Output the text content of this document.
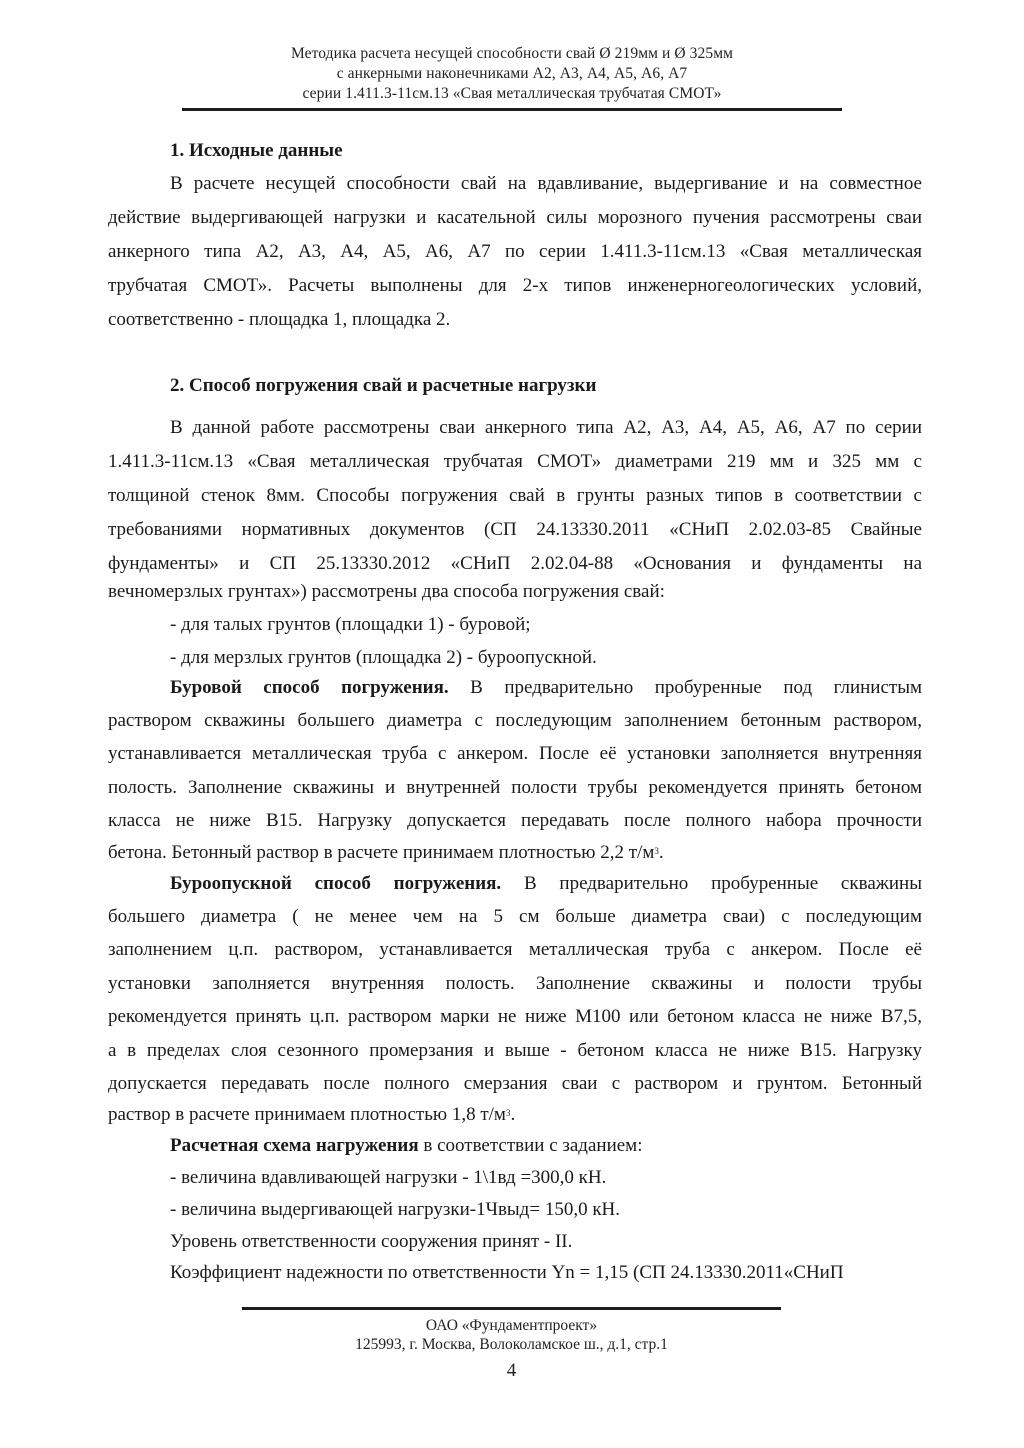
Методика расчета несущей способности свай Ø 219мм и Ø 325мм
с анкерными наконечниками А2, А3, А4, А5, А6, А7
серии 1.411.3-11см.13 «Свая металлическая трубчатая СМОТ»
1. Исходные данные
В расчете несущей способности свай на вдавливание, выдергивание и на совместное
действие выдергивающей нагрузки и касательной силы морозного пучения рассмотрены сваи
анкерного типа А2, А3, А4, А5, А6, А7 по серии 1.411.3-11см.13 «Свая металлическая
трубчатая СМОТ». Расчеты выполнены для 2-х типов инженерногеологических условий,
соответственно - площадка 1, площадка 2.
2. Способ погружения свай и расчетные нагрузки
В данной работе рассмотрены сваи анкерного типа А2, А3, А4, А5, А6, А7 по серии
1.411.3-11см.13 «Свая металлическая трубчатая СМОТ» диаметрами 219 мм и 325 мм с
толщиной стенок 8мм. Способы погружения свай в грунты разных типов в соответствии с
требованиями нормативных документов (СП 24.13330.2011 «СНиП 2.02.03-85 Свайные
фундаменты» и СП 25.13330.2012 «СНиП 2.02.04-88 «Основания и фундаменты на
вечномерзлых грунтах») рассмотрены два способа погружения свай:
- для талых грунтов (площадки 1) - буровой;
- для мерзлых грунтов (площадка 2) - буроопускной.
Буровой способ погружения. В предварительно пробуренные под глинистым
раствором скважины большего диаметра с последующим заполнением бетонным раствором,
устанавливается металлическая труба с анкером. После её установки заполняется внутренняя
полость. Заполнение скважины и внутренней полости трубы рекомендуется принять бетоном
класса не ниже В15. Нагрузку допускается передавать после полного набора прочности
бетона. Бетонный раствор в расчете принимаем плотностью 2,2 $т/м^3$.
Буроопускной способ погружения. В предварительно пробуренные скважины
большего диаметра ( не менее чем на 5 см больше диаметра сваи) с последующим
заполнением ц.п. раствором, устанавливается металлическая труба с анкером. После её
установки заполняется внутренняя полость. Заполнение скважины и полости трубы
рекомендуется принять ц.п. раствором марки не ниже М100 или бетоном класса не ниже В7,5,
а в пределах слоя сезонного промерзания и выше - бетоном класса не ниже В15. Нагрузку
допускается передавать после полного смерзания сваи с раствором и грунтом. Бетонный
раствор в расчете принимаем плотностью 1,8 $т/м^3$.
Расчетная схема нагружения в соответствии с заданием:
- величина вдавливающей нагрузки - 1\1вд =300,0 кН.
- величина выдергивающей нагрузки-1Чвыд= 150,0 кН.
Уровень ответственности сооружения принят - II.
Коэффициент надежности по ответственности Yn = 1,15 (СП 24.13330.2011«СНиП
ОАО «Фундаментпроект»
125993, г. Москва, Волоколамское ш., д.1, стр.1
4
